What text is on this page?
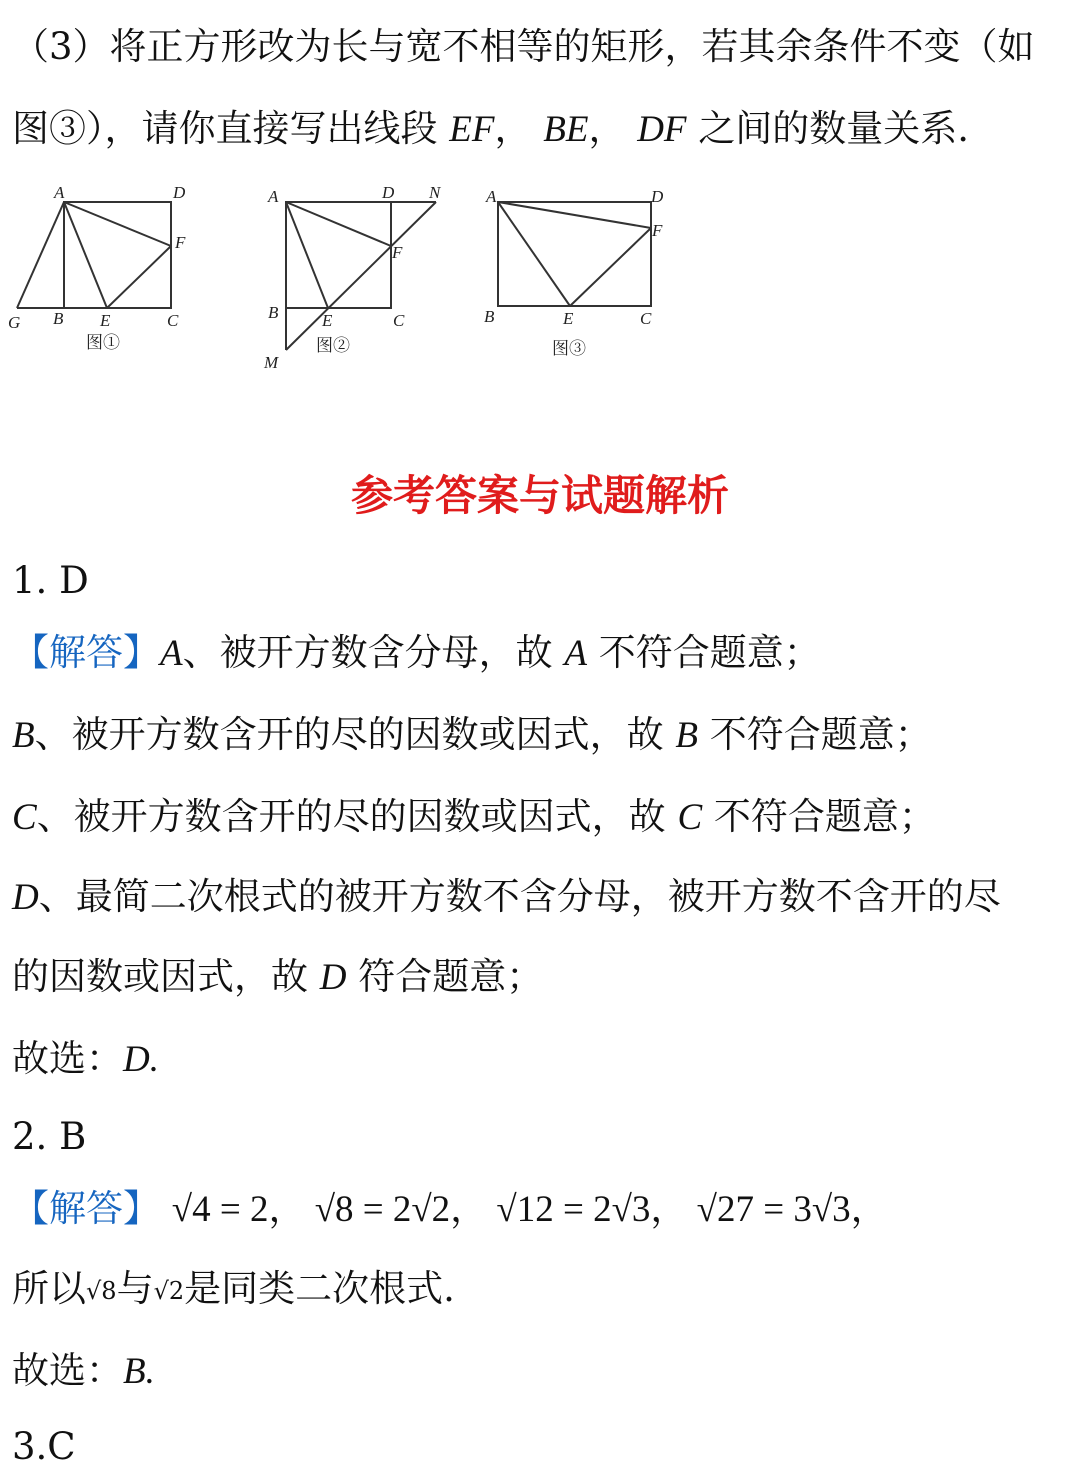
（3）将正方形改为长与宽不相等的矩形，若其余条件不变（如
图③），请你直接写出线段 EF， BE， DF 之间的数量关系.
A	D
F
G B E	C
A	D N
F
B	E	C
M
A	D
F
B	E	C
图①	图②	图③
参考答案与试题解析
1. D
【解答】A、被开方数含分母，故 A 不符合题意；
B、被开方数含开的尽的因数或因式，故 B 不符合题意；
C、被开方数含开的尽的因数或因式，故 C 不符合题意；
D、最简二次根式的被开方数不含分母，被开方数不含开的尽
的因数或因式，故 D 符合题意；
故选：D.
2. B
【解答】 √4 = 2， √8 = 2√2， √12 = 2√3， √27 = 3√3，
所以√8与√2是同类二次根式.
故选：B.
3.C
